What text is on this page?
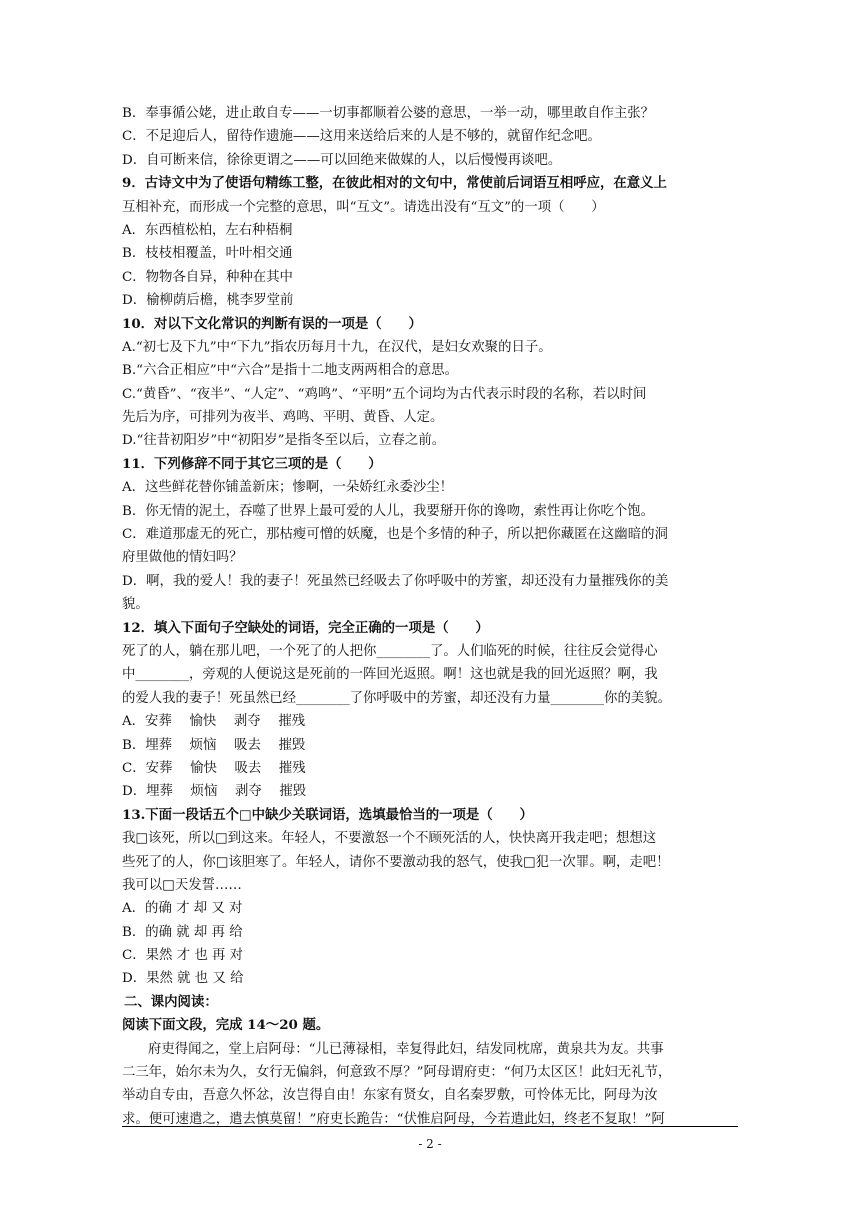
B．奉事循公姥，进止敢自专——一切事都顺着公婆的意思，一举一动，哪里敢自作主张？
C．不足迎后人，留待作遗施——这用来送给后来的人是不够的，就留作纪念吧。
D．自可断来信，徐徐更谓之——可以回绝来做媒的人，以后慢慢再谈吧。
9．古诗文中为了使语句精练工整，在彼此相对的文句中，常使前后词语互相呼应，在意义上
互相补充，而形成一个完整的意思，叫“互文”。请选出没有“互文”的一项（　　）
A．东西植松柏，左右种梧桐
B．枝枝相覆盖，叶叶相交通
C．物物各自异，种种在其中
D．榆柳荫后檐，桃李罗堂前
10．对以下文化常识的判断有误的一项是（　　）
A.“初七及下九”中“下九”指农历每月十九，在汉代，是妇女欢聚的日子。
B.“六合正相应”中“六合”是指十二地支两两相合的意思。
C.“黄昏”、“夜半”、“人定”、“鸡鸣”、“平明”五个词均为古代表示时段的名称，若以时间
先后为序，可排列为夜半、鸡鸣、平明、黄昏、人定。
D.“往昔初阳岁”中“初阳岁”是指冬至以后，立春之前。
11．下列修辞不同于其它三项的是（　　）
A．这些鲜花替你铺盖新床；惨啊，一朵娇红永委沙尘！
B．你无情的泥土，吞噬了世界上最可爱的人儿，我要掰开你的谗吻，索性再让你吃个饱。
C．难道那虚无的死亡，那枯瘦可憎的妖魔，也是个多情的种子，所以把你藏匿在这幽暗的洞
府里做他的情妇吗？
D．啊，我的爱人！我的妻子！死虽然已经吸去了你呼吸中的芳蜜，却还没有力量摧残你的美
貌。
12．填入下面句子空缺处的词语，完全正确的一项是（　　）
死了的人，躺在那儿吧，一个死了的人把你________了。人们临死的时候，往往反会觉得心
中________，旁观的人便说这是死前的一阵回光返照。啊！这也就是我的回光返照？啊，我
的爱人我的妻子！死虽然已经________了你呼吸中的芳蜜，却还没有力量________你的美貌。
A．安葬　 愉快　 剥夺　 摧残
B．埋葬　 烦恼　 吸去　 摧毁
C．安葬　 愉快　 吸去　 摧残
D．埋葬　 烦恼　 剥夺　 摧毁
13.下面一段话五个□中缺少关联词语，选填最恰当的一项是（　　）
我□该死，所以□到这来。年轻人，不要激怒一个不顾死活的人，快快离开我走吧；想想这
些死了的人，你□该胆寒了。年轻人，请你不要激动我的怒气，使我□犯一次罪。啊，走吧！
我可以□天发誓……
A．的确 才 却 又 对
B．的确 就 却 再 给
C．果然 才 也 再 对
D．果然 就 也 又 给
二、课内阅读：
阅读下面文段，完成 14～20 题。
府吏得闻之，堂上启阿母：“儿已薄禄相，幸复得此妇，结发同枕席，黄泉共为友。共事
二三年，始尔未为久，女行无偏斜，何意致不厚？”阿母谓府吏：“何乃太区区！此妇无礼节，
举动自专由，吾意久怀忿，汝岂得自由！东家有贤女，自名秦罗敷，可怜体无比，阿母为汝
求。便可速遣之，遣去慎莫留！”府吏长跪告：“伏惟启阿母，今若遣此妇，终老不复取！”阿
- 2 -
